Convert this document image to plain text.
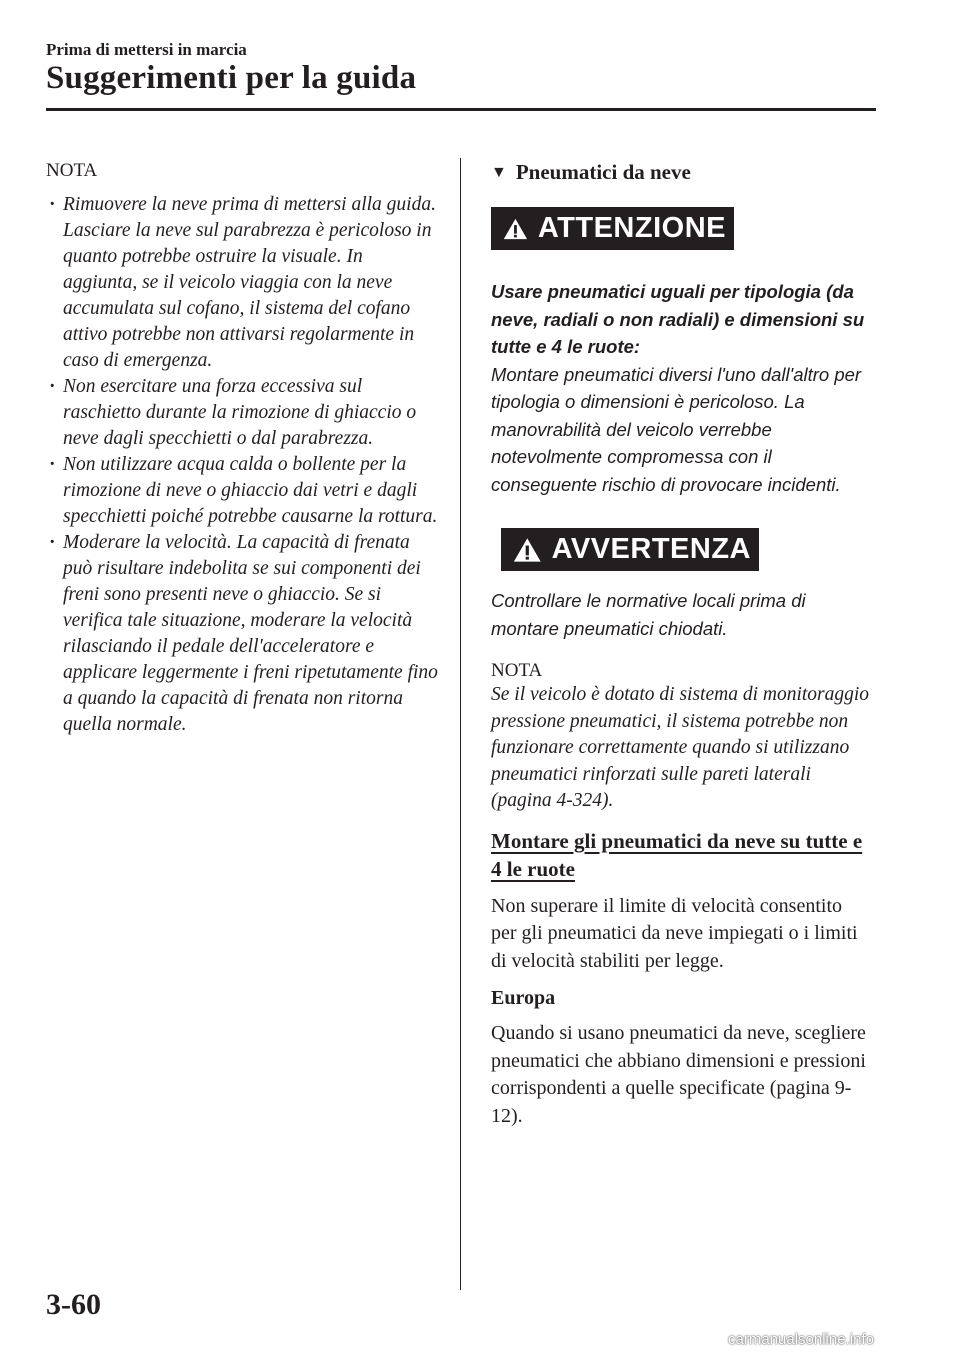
Prima di mettersi in marcia
Suggerimenti per la guida
NOTA
· Rimuovere la neve prima di mettersi alla guida. Lasciare la neve sul parabrezza è pericoloso in quanto potrebbe ostruire la visuale. In aggiunta, se il veicolo viaggia con la neve accumulata sul cofano, il sistema del cofano attivo potrebbe non attivarsi regolarmente in caso di emergenza.
· Non esercitare una forza eccessiva sul raschietto durante la rimozione di ghiaccio o neve dagli specchietti o dal parabrezza.
· Non utilizzare acqua calda o bollente per la rimozione di neve o ghiaccio dai vetri e dagli specchietti poiché potrebbe causarne la rottura.
· Moderare la velocità. La capacità di frenata può risultare indebolita se sui componenti dei freni sono presenti neve o ghiaccio. Se si verifica tale situazione, moderare la velocità rilasciando il pedale dell'acceleratore e applicare leggermente i freni ripetutamente fino a quando la capacità di frenata non ritorna quella normale.
▼ Pneumatici da neve
ATTENZIONE
Usare pneumatici uguali per tipologia (da neve, radiali o non radiali) e dimensioni su tutte e 4 le ruote:
Montare pneumatici diversi l'uno dall'altro per tipologia o dimensioni è pericoloso. La manovrabilità del veicolo verrebbe notevolmente compromessa con il conseguente rischio di provocare incidenti.
AVVERTENZA
Controllare le normative locali prima di montare pneumatici chiodati.
NOTA
Se il veicolo è dotato di sistema di monitoraggio pressione pneumatici, il sistema potrebbe non funzionare correttamente quando si utilizzano pneumatici rinforzati sulle pareti laterali (pagina 4-324).
Montare gli pneumatici da neve su tutte e 4 le ruote
Non superare il limite di velocità consentito per gli pneumatici da neve impiegati o i limiti di velocità stabiliti per legge.
Europa
Quando si usano pneumatici da neve, scegliere pneumatici che abbiano dimensioni e pressioni corrispondenti a quelle specificate (pagina 9-12).
3-60
carmanualsonline.info
